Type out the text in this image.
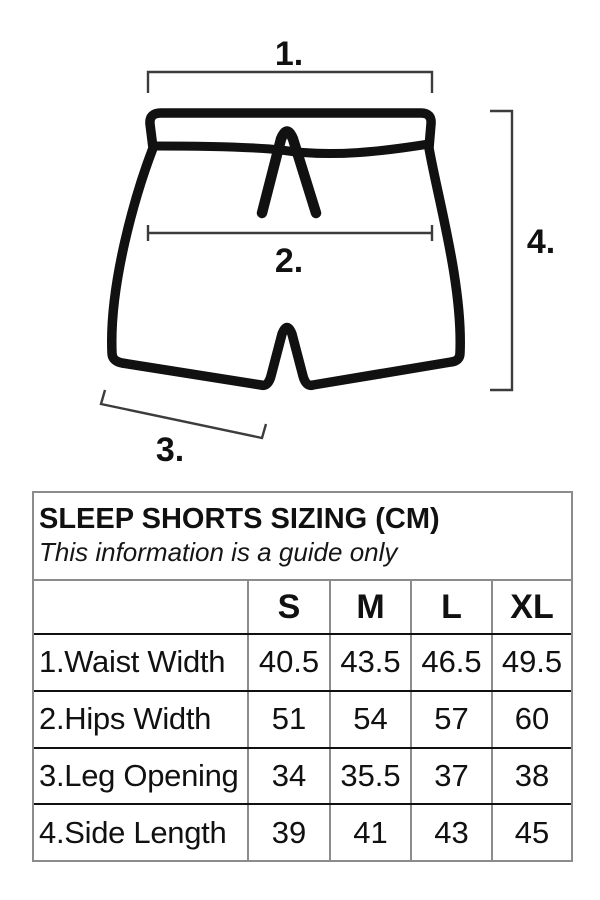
1.
2.
3.
4.
SLEEP SHORTS SIZING (CM)
This information is a guide only
S	M	L	XL
1.Waist Width	40.5 43.5 46.5 49.5
2.Hips Width	51	54	57	60
3.Leg Opening	34	35.5	37	38
4.Side Length	39	41	43	45
